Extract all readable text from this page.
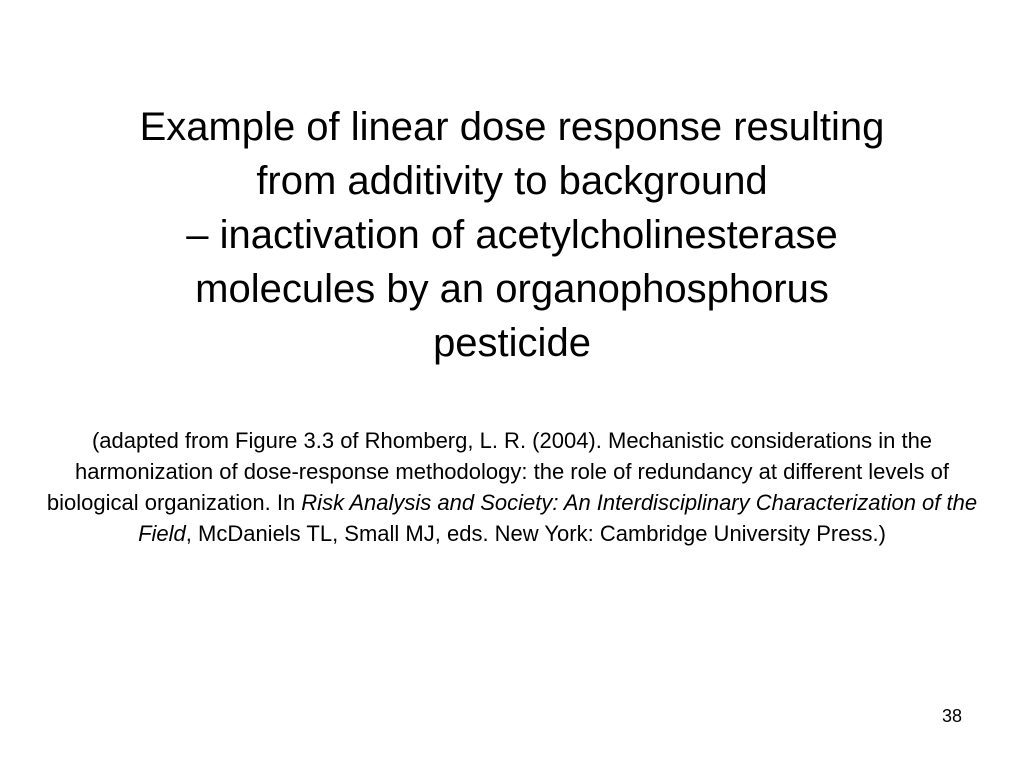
Example of linear dose response resulting
from additivity to background
– inactivation of acetylcholinesterase
molecules by an organophosphorus
pesticide

(adapted from Figure 3.3 of Rhomberg, L. R. (2004). Mechanistic considerations in the harmonization of dose-response methodology: the role of redundancy at different levels of biological organization. In Risk Analysis and Society: An Interdisciplinary Characterization of the Field, McDaniels TL, Small MJ, eds. New York: Cambridge University Press.)

38
